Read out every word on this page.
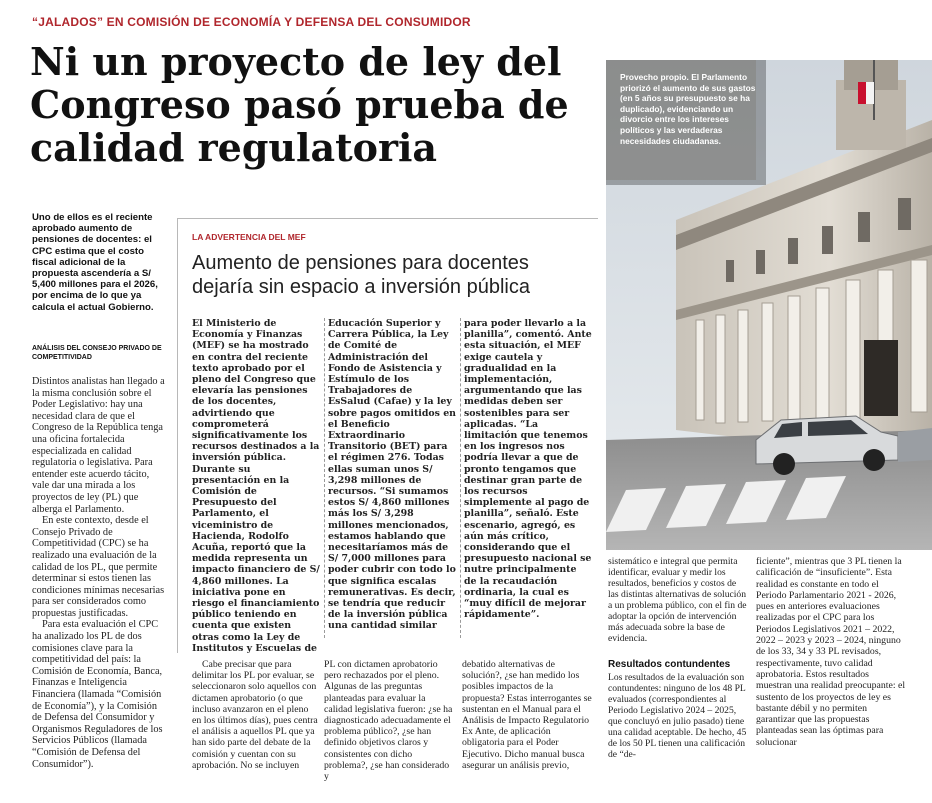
“JALADOS” EN COMISIÓN DE ECONOMÍA Y DEFENSA DEL CONSUMIDOR
Ni un proyecto de ley del Congreso pasó prueba de calidad regulatoria
Provecho propio. El Parlamento priorizó el aumento de sus gastos (en 5 años su presupuesto se ha duplicado), evidenciando un divorcio entre los intereses políticos y las verdaderas necesidades ciudadanas.
Uno de ellos es el reciente aprobado aumento de pensiones de docentes: el CPC estima que el costo fiscal adicional de la propuesta ascendería a S/ 5,400 millones para el 2026, por encima de lo que ya calcula el actual Gobierno.
ANÁLISIS DEL CONSEJO PRIVADO DE COMPETITIVIDAD

Distintos analistas han llegado a la misma conclusión sobre el Poder Legislativo: hay una necesidad clara de que el Congreso de la República tenga una oficina fortalecida especializada en calidad regulatoria o legislativa. Para entender este acuerdo tácito, vale dar una mirada a los proyectos de ley (PL) que alberga el Parlamento.

En este contexto, desde el Consejo Privado de Competitividad (CPC) se ha realizado una evaluación de la calidad de los PL, que permite determinar si estos tienen las condiciones mínimas necesarias para ser considerados como propuestas justificadas.

Para esta evaluación el CPC ha analizado los PL de dos comisiones clave para la competitividad del país: la Comisión de Economía, Banca, Finanzas e Inteligencia Financiera (llamada “Comisión de Economía”), y la Comisión de Defensa del Consumidor y Organismos Reguladores de los Servicios Públicos (llamada “Comisión de Defensa del Consumidor”).

LA ADVERTENCIA DEL MEF
Aumento de pensiones para docentes dejaría sin espacio a inversión pública

El Ministerio de Economía y Finanzas (MEF) se ha mostrado en contra del reciente texto aprobado por el pleno del Congreso que elevaría las pensiones de los docentes, advirtiendo que comprometerá significativamente los recursos destinados a la inversión pública. Durante su presentación en la Comisión de Presupuesto del Parlamento, el viceministro de Hacienda, Rodolfo Acuña, reportó que la medida representa un impacto financiero de S/ 4,860 millones. La iniciativa pone en riesgo el financiamiento público teniendo en cuenta que existen otras como la Ley de Institutos y Escuelas de

Educación Superior y Carrera Pública, la Ley de Comité de Administración del Fondo de Asistencia y Estímulo de los Trabajadores de EsSalud (Cafae) y la ley sobre pagos omitidos en el Beneficio Extraordinario Transitorio (BET) para el régimen 276. Todas ellas suman unos S/ 3,298 millones de recursos. “Si sumamos estos S/ 4,860 millones más los S/ 3,298 millones mencionados, estamos hablando que necesitaríamos más de S/ 7,000 millones para poder cubrir con todo lo que significa escalas remunerativas. Es decir, se tendría que reducir de la inversión pública una cantidad similar

para poder llevarlo a la planilla”, comentó. Ante esta situación, el MEF exige cautela y gradualidad en la implementación, argumentando que las medidas deben ser sostenibles para ser aplicadas. “La limitación que tenemos en los ingresos nos podría llevar a que de pronto tengamos que destinar gran parte de los recursos simplemente al pago de planilla”, señaló. Este escenario, agregó, es aún más crítico, considerando que el presupuesto nacional se nutre principalmente de la recaudación ordinaria, la cual es “muy difícil de mejorar rápidamente”.

Cabe precisar que para delimitar los PL por evaluar, se seleccionaron solo aquellos con dictamen aprobatorio (o que incluso avanzaron en el pleno en los últimos días), pues centra el análisis a aquellos PL que ya han sido parte del debate de la comisión y cuentan con su aprobación. No se incluyen

PL con dictamen aprobatorio pero rechazados por el pleno. Algunas de las preguntas planteadas para evaluar la calidad legislativa fueron: ¿se ha diagnosticado adecuadamente el problema público?, ¿se han definido objetivos claros y consistentes con dicho problema?, ¿se han considerado y

debatido alternativas de solución?, ¿se han medido los posibles impactos de la propuesta? Estas interrogantes se sustentan en el Manual para el Análisis de Impacto Regulatorio Ex Ante, de aplicación obligatoria para el Poder Ejecutivo. Dicho manual busca asegurar un análisis previo,

sistemático e integral que permita identificar, evaluar y medir los resultados, beneficios y costos de las distintas alternativas de solución a un problema público, con el fin de adoptar la opción de intervención más adecuada sobre la base de evidencia.

Resultados contundentes

Los resultados de la evaluación son contundentes: ninguno de los 48 PL evaluados (correspondientes al Periodo Legislativo 2024 – 2025, que concluyó en julio pasado) tiene una calidad aceptable. De hecho, 45 de los 50 PL tienen una calificación de “de-

ficiente”, mientras que 3 PL tienen la calificación de “insuficiente”. Esta realidad es constante en todo el Periodo Parlamentario 2021 - 2026, pues en anteriores evaluaciones realizadas por el CPC para los Periodos Legislativos 2021 – 2022, 2022 – 2023 y 2023 – 2024, ninguno de los 33, 34 y 33 PL revisados, respectivamente, tuvo calidad aprobatoria. Estos resultados muestran una realidad preocupante: el sustento de los proyectos de ley es bastante débil y no permiten garantizar que las propuestas planteadas sean las óptimas para solucionar
